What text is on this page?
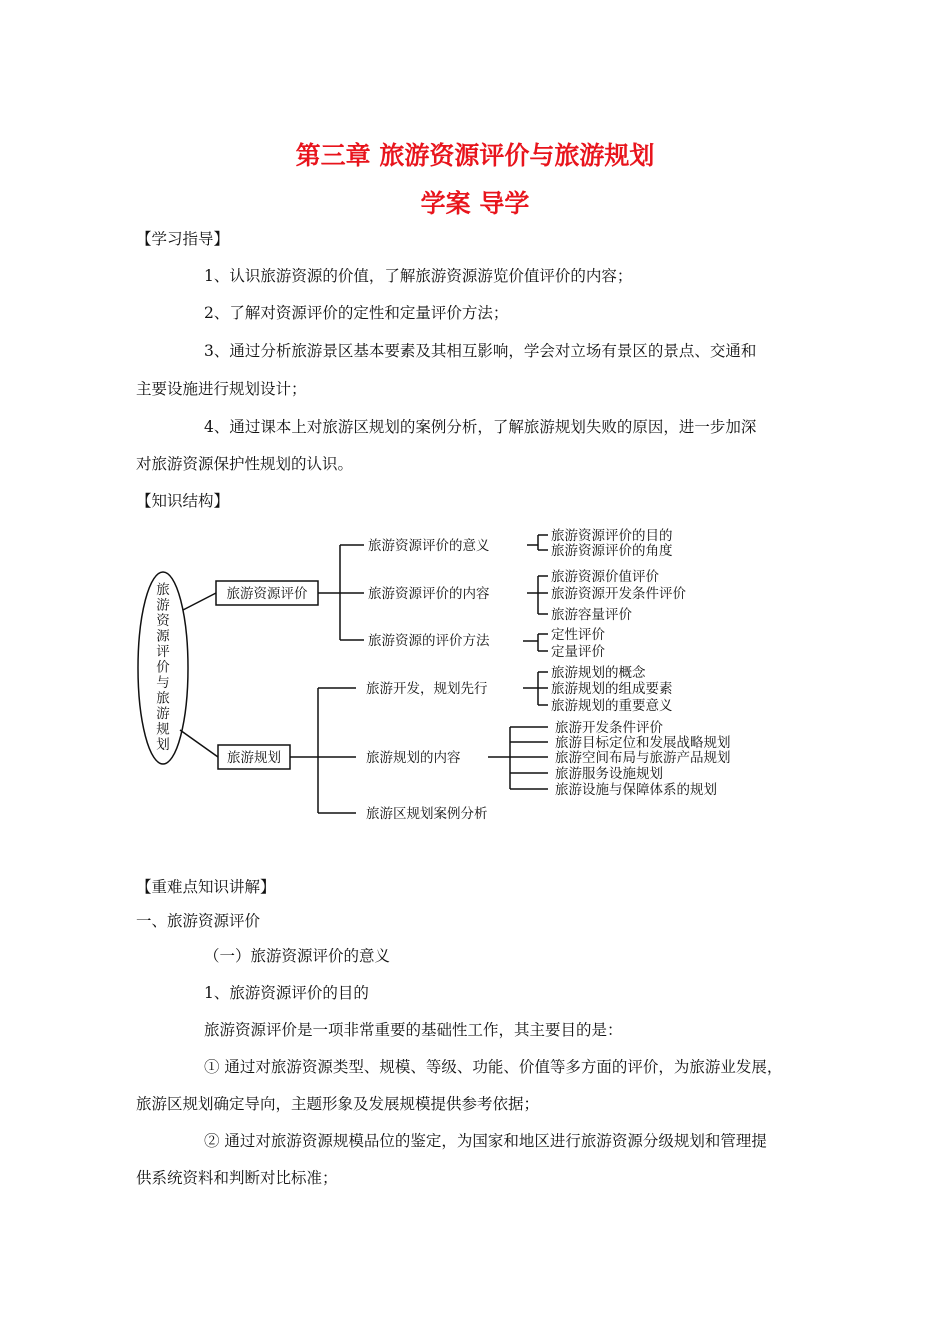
第三章 旅游资源评价与旅游规划
学案 导学
【学习指导】
1、认识旅游资源的价值，了解旅游资源游览价值评价的内容；
2、了解对资源评价的定性和定量评价方法；
3、通过分析旅游景区基本要素及其相互影响，学会对立场有景区的景点、交通和
主要设施进行规划设计；
4、通过课本上对旅游区规划的案例分析，了解旅游规划失败的原因，进一步加深
对旅游资源保护性规划的认识。
【知识结构】
旅游资源评价与旅游规划
旅游资源评价
旅游规划
旅游资源评价的意义
旅游资源评价的内容
旅游资源的评价方法
旅游资源评价的目的
旅游资源评价的角度
旅游资源价值评价
旅游资源开发条件评价
旅游容量评价
定性评价
定量评价
旅游开发，规划先行
旅游规划的内容
旅游区规划案例分析
旅游规划的概念
旅游规划的组成要素
旅游规划的重要意义
旅游开发条件评价
旅游目标定位和发展战略规划
旅游空间布局与旅游产品规划
旅游服务设施规划
旅游设施与保障体系的规划
【重难点知识讲解】
一、旅游资源评价
（一）旅游资源评价的意义
1、旅游资源评价的目的
旅游资源评价是一项非常重要的基础性工作，其主要目的是：
① 通过对旅游资源类型、规模、等级、功能、价值等多方面的评价，为旅游业发展，
旅游区规划确定导向，主题形象及发展规模提供参考依据；
② 通过对旅游资源规模品位的鉴定，为国家和地区进行旅游资源分级规划和管理提
供系统资料和判断对比标准；
